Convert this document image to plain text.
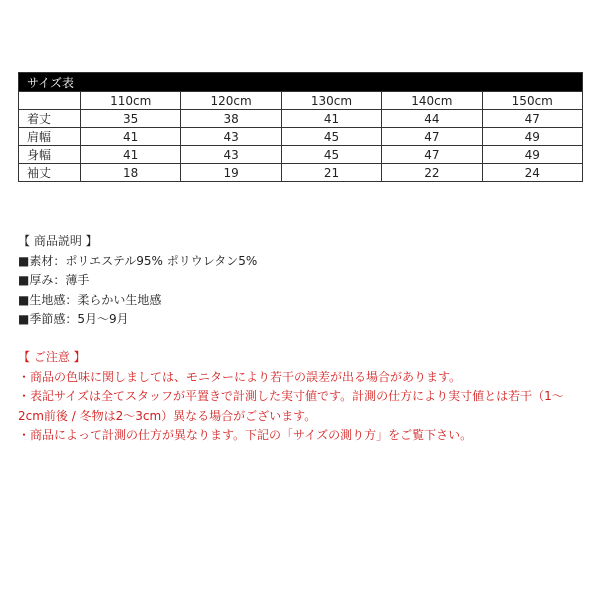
サイズ表					
	110cm	120cm	130cm	140cm	150cm
着丈	35	38	41	44	47
肩幅	41	43	45	47	49
身幅	41	43	45	47	49
袖丈	18	19	21	22	24
【 商品説明 】
■素材：ポリエステル95% ポリウレタン5%
■厚み：薄手
■生地感：柔らかい生地感
■季節感：5月～9月
【 ご注意 】
・商品の色味に関しましては、モニターにより若干の誤差が出る場合があります。
・表記サイズは全てスタッフが平置きで計測した実寸値です。計測の仕方により実寸値とは若干（1～
2cm前後 / 冬物は2～3cm）異なる場合がございます。
・商品によって計測の仕方が異なります。下記の「サイズの測り方」をご覧下さい。
